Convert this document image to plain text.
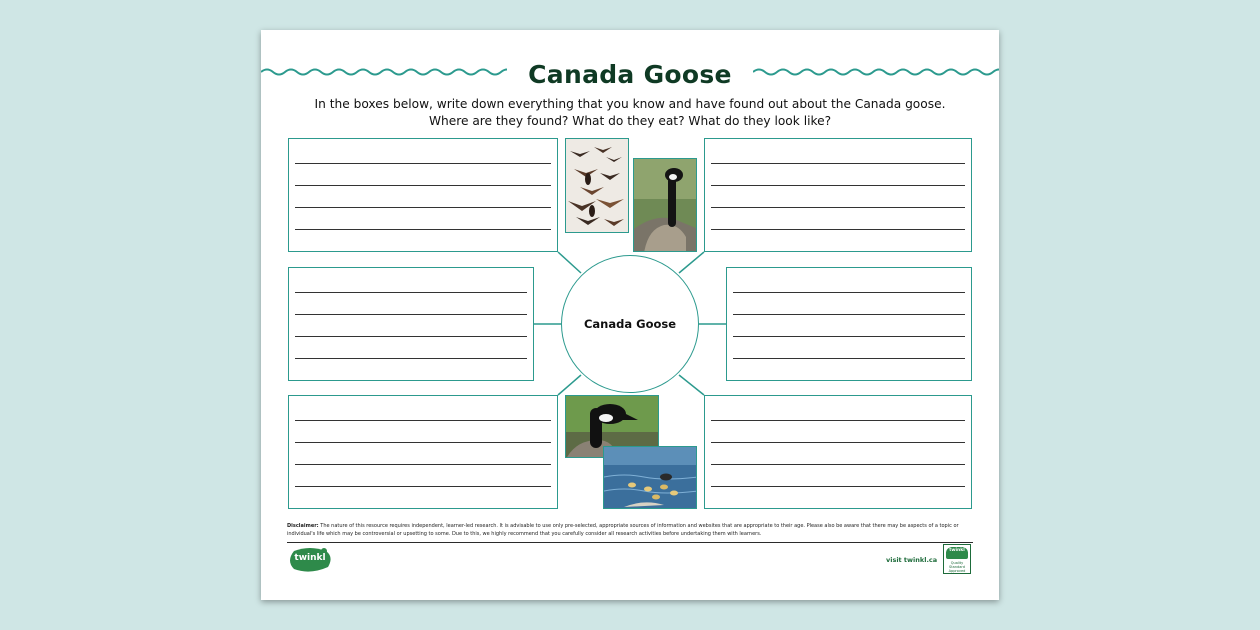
Canada Goose
In the boxes below, write down everything that you know and have found out about the Canada goose.
Where are they found? What do they eat? What do they look like?
Canada Goose
Disclaimer: The nature of this resource requires independent, learner-led research. It is advisable to use only pre-selected, appropriate sources of information and websites that are appropriate to their age. Please also be aware that there may be aspects of a topic or individual's life which may be controversial or upsetting to some. Due to this, we highly recommend that you carefully consider all research activities before undertaking them with learners.
twinkl	visit twinkl.ca
twinkl
Quality Standard Approved
